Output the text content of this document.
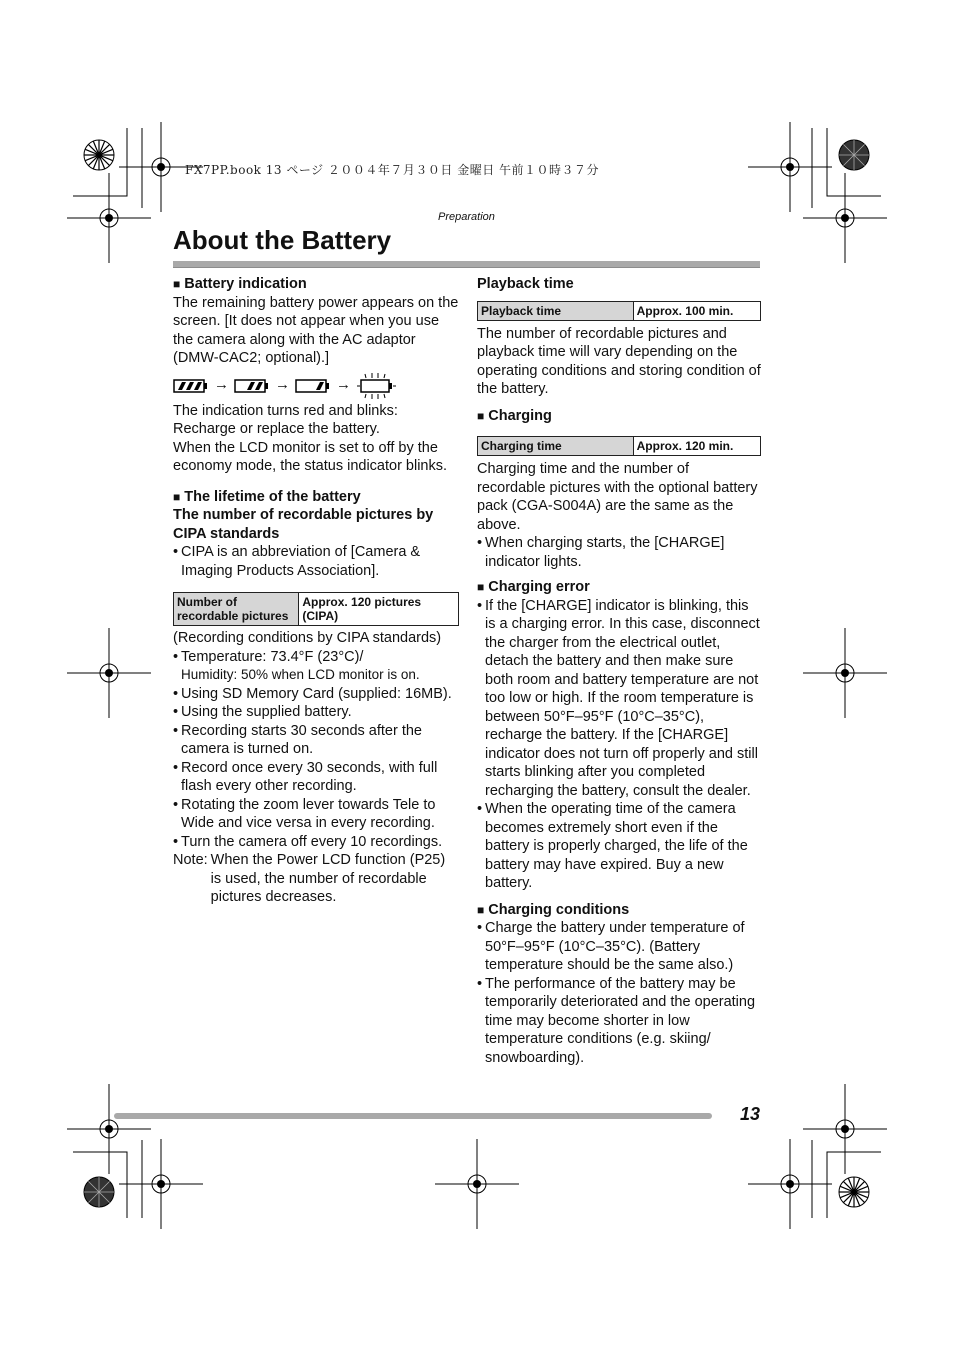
FX7PP.book 13 ページ ２００４年７月３０日 金曜日 午前１０時３７分
Preparation
About the Battery

■ Battery indication

The remaining battery power appears on the screen. [It does not appear when you use the camera along with the AC adaptor (DMW-CAC2; optional).]

→	→	→

The indication turns red and blinks: Recharge or replace the battery.

When the LCD monitor is set to off by the economy mode, the status indicator blinks.

■ The lifetime of the battery

The number of recordable pictures by CIPA standards

• CIPA is an abbreviation of [Camera & Imaging Products Association].
Number of recordable pictures	Approx. 120 pictures (CIPA)

(Recording conditions by CIPA standards)

• Temperature: 73.4°F (23°C)/
Humidity: 50% when LCD monitor is on.
• Using SD Memory Card (supplied: 16MB).
• Using the supplied battery.
• Recording starts 30 seconds after the camera is turned on.
• Record once every 30 seconds, with full flash every other recording.
• Rotating the zoom lever towards Tele to Wide and vice versa in every recording.
• Turn the camera off every 10 recordings.
Note: When the Power LCD function (P25) is used, the number of recordable pictures decreases.

Playback time

Playback time	Approx. 100 min.

The number of recordable pictures and playback time will vary depending on the operating conditions and storing condition of the battery.

■ Charging

Charging time	Approx. 120 min.

Charging time and the number of recordable pictures with the optional battery pack (CGA-S004A) are the same as the above.

• When charging starts, the [CHARGE] indicator lights.

■ Charging error

• If the [CHARGE] indicator is blinking, this is a charging error. In this case, disconnect the charger from the electrical outlet, detach the battery and then make sure both room and battery temperature are not too low or high. If the room temperature is between 50°F–95°F (10°C–35°C), recharge the battery. If the [CHARGE] indicator does not turn off properly and still starts blinking after you completed recharging the battery, consult the dealer.
• When the operating time of the camera becomes extremely short even if the battery is properly charged, the life of the battery may have expired. Buy a new battery.

■ Charging conditions

• Charge the battery under temperature of 50°F–95°F (10°C–35°C). (Battery temperature should be the same also.)
• The performance of the battery may be temporarily deteriorated and the operating time may become shorter in low temperature conditions (e.g. skiing/ snowboarding).
13
